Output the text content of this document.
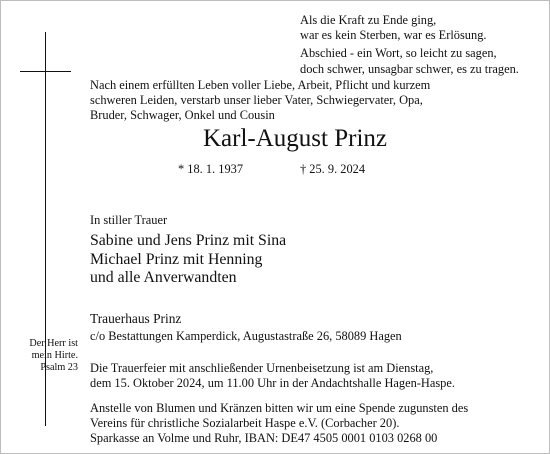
Als die Kraft zu Ende ging,
war es kein Sterben, war es Erlösung.
Abschied - ein Wort, so leicht zu sagen,
doch schwer, unsagbar schwer, es zu tragen.
Nach einem erfüllten Leben voller Liebe, Arbeit, Pflicht und kurzem
schweren Leiden, verstarb unser lieber Vater, Schwiegervater, Opa,
Bruder, Schwager, Onkel und Cousin
Karl-August Prinz
* 18. 1. 1937	† 25. 9. 2024
In stiller Trauer
Sabine und Jens Prinz mit Sina
Michael Prinz mit Henning
und alle Anverwandten
Trauerhaus Prinz
c/o Bestattungen Kamperdick, Augustastraße 26, 58089 Hagen
Der Herr ist
mein Hirte.
Psalm 23 Die Trauerfeier mit anschließender Urnenbeisetzung ist am Dienstag,
dem 15. Oktober 2024, um 11.00 Uhr in der Andachtshalle Hagen-Haspe.
Anstelle von Blumen und Kränzen bitten wir um eine Spende zugunsten des
Vereins für christliche Sozialarbeit Haspe e.V. (Corbacher 20).
Sparkasse an Volme und Ruhr, IBAN: DE47 4505 0001 0103 0268 00
